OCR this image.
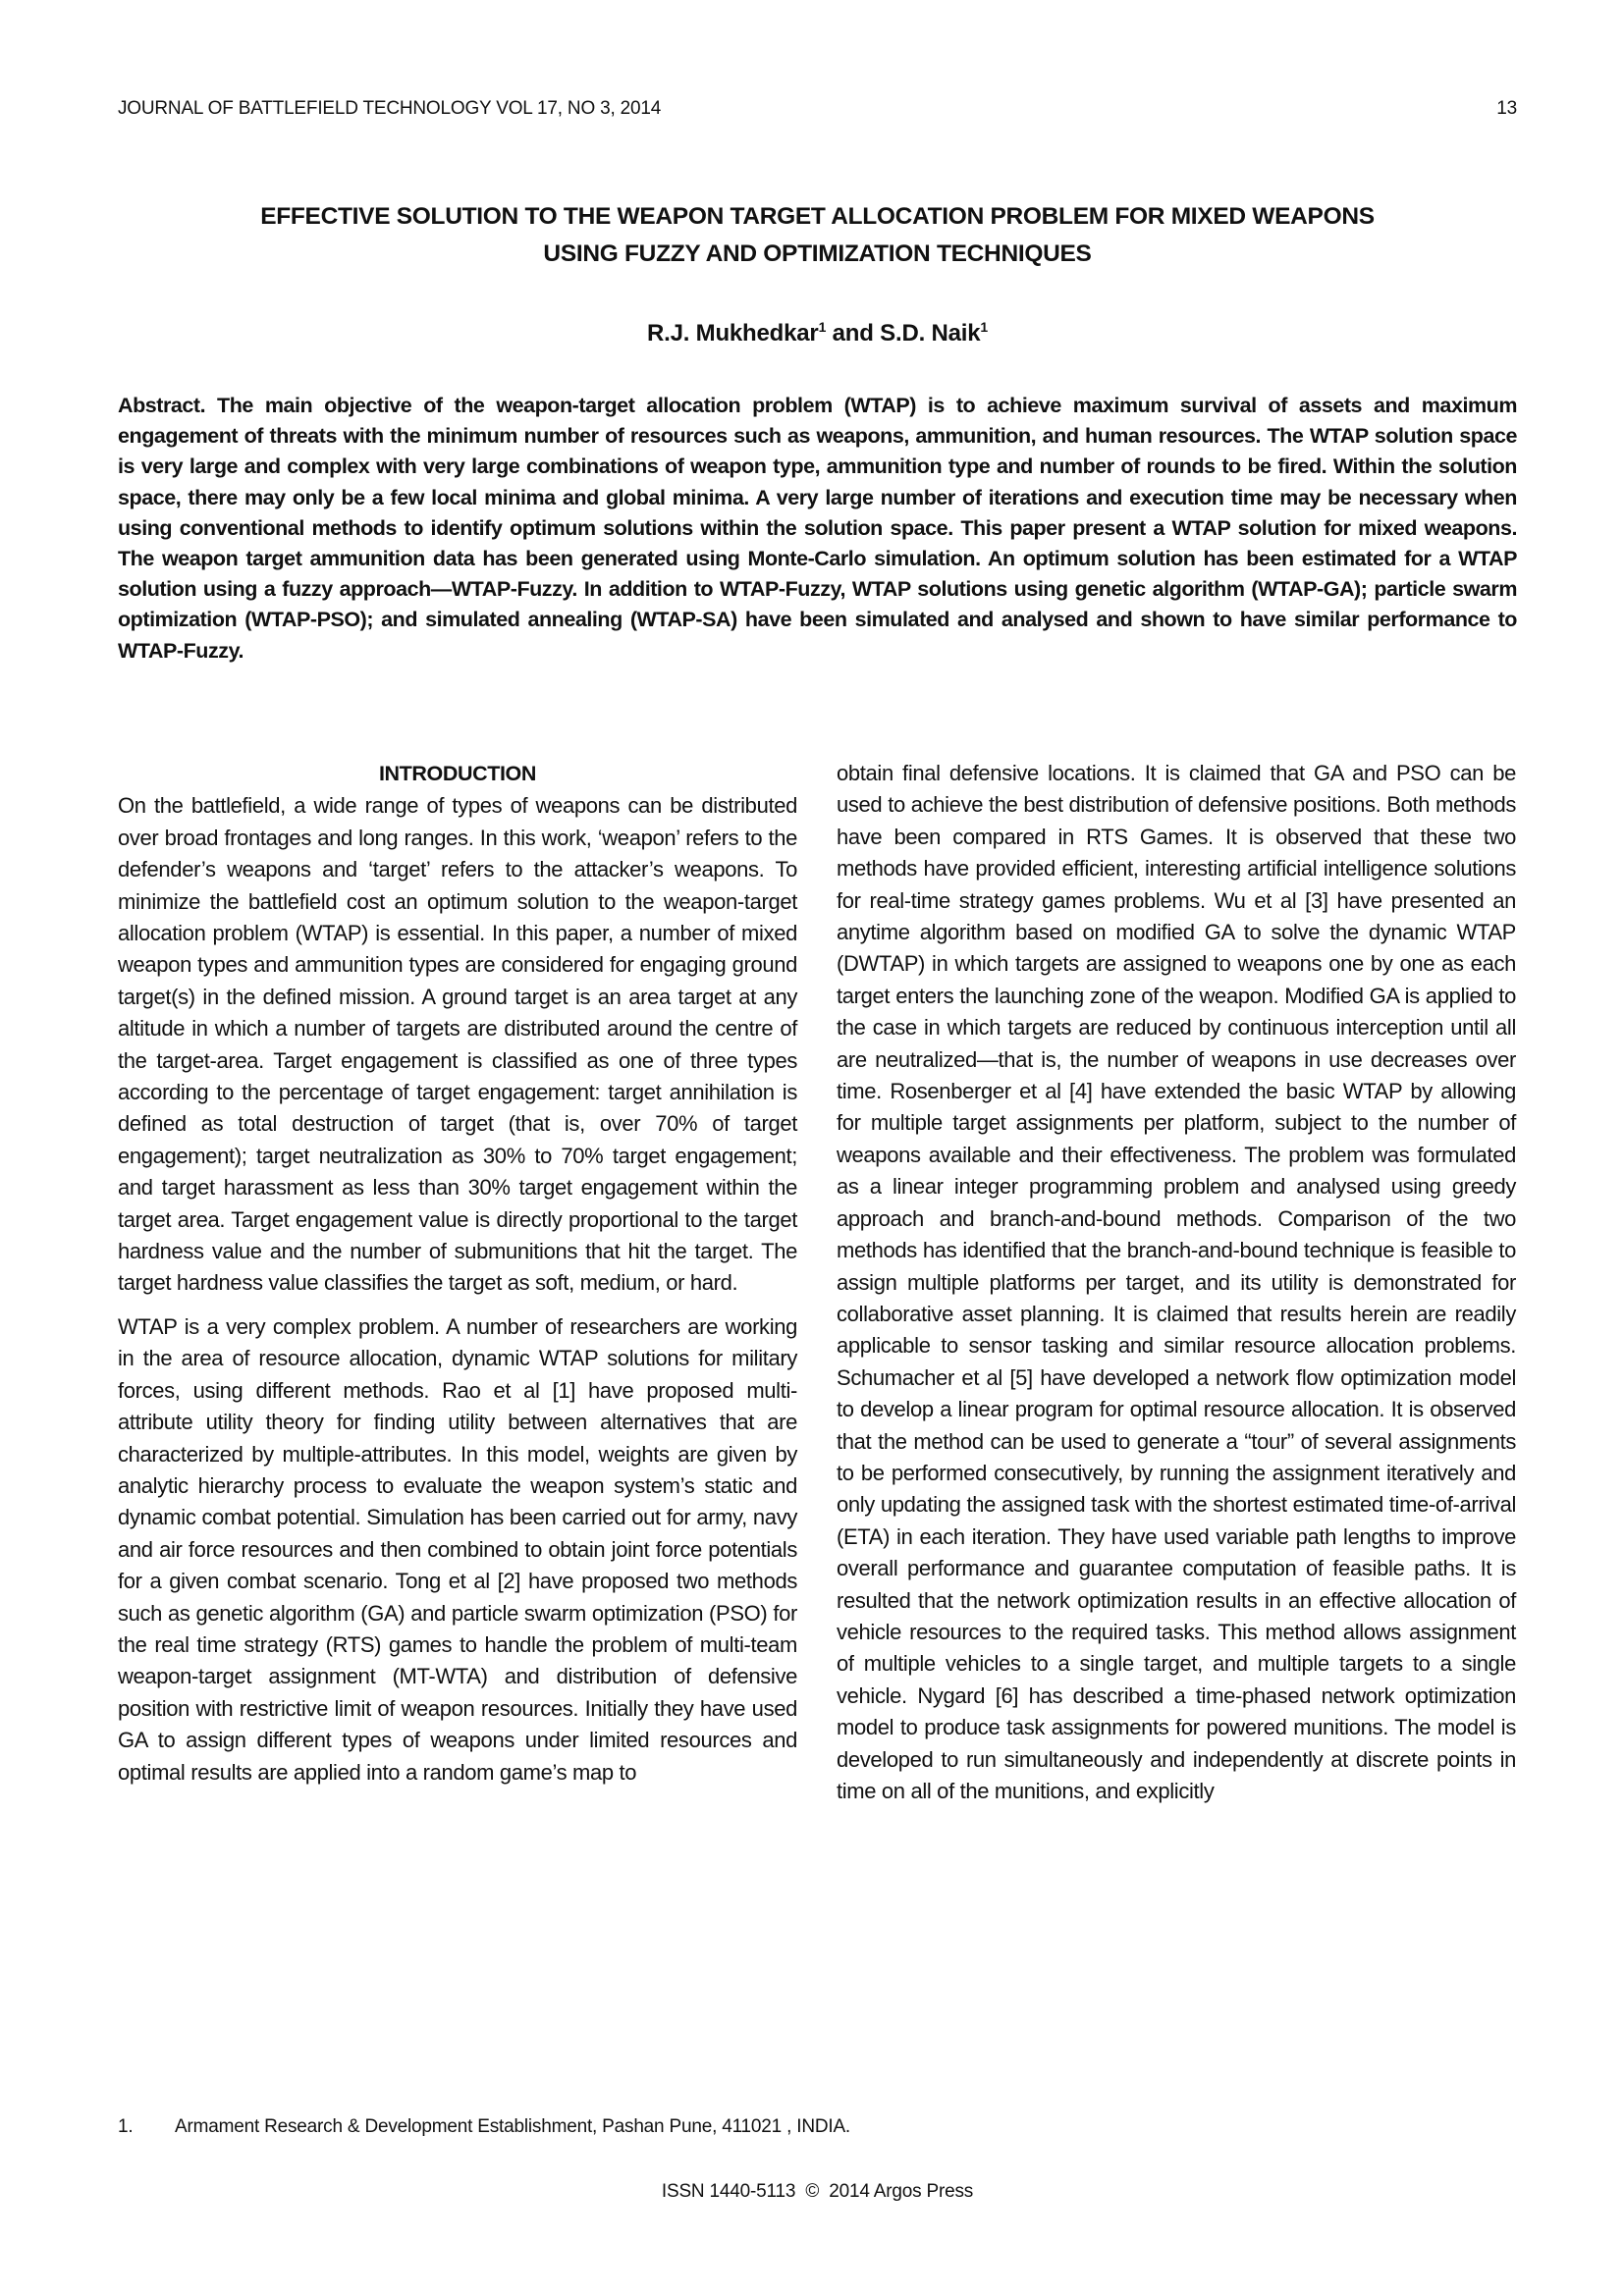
JOURNAL OF BATTLEFIELD TECHNOLOGY VOL 17, NO 3, 2014	13
EFFECTIVE SOLUTION TO THE WEAPON TARGET ALLOCATION PROBLEM FOR MIXED WEAPONS
USING FUZZY AND OPTIMIZATION TECHNIQUES
R.J. Mukhedkar$^1$ and S.D. Naik$^1$
Abstract. The main objective of the weapon-target allocation problem (WTAP) is to achieve maximum survival of assets and maximum engagement of threats with the minimum number of resources such as weapons, ammunition, and human resources. The WTAP solution space is very large and complex with very large combinations of weapon type, ammunition type and number of rounds to be fired. Within the solution space, there may only be a few local minima and global minima. A very large number of iterations and execution time may be necessary when using conventional methods to identify optimum solutions within the solution space. This paper present a WTAP solution for mixed weapons. The weapon target ammunition data has been generated using Monte-Carlo simulation. An optimum solution has been estimated for a WTAP solution using a fuzzy approach—WTAP-Fuzzy. In addition to WTAP-Fuzzy, WTAP solutions using genetic algorithm (WTAP-GA); particle swarm optimization (WTAP-PSO); and simulated annealing (WTAP-SA) have been simulated and analysed and shown to have similar performance to WTAP-Fuzzy.
INTRODUCTION

On the battlefield, a wide range of types of weapons can be distributed over broad frontages and long ranges. In this work, ‘weapon’ refers to the defender’s weapons and ‘target’ refers to the attacker’s weapons. To minimize the battlefield cost an optimum solution to the weapon-target allocation problem (WTAP) is essential. In this paper, a number of mixed weapon types and ammunition types are considered for engaging ground target(s) in the defined mission. A ground target is an area target at any altitude in which a number of targets are distributed around the centre of the target-area. Target engagement is classified as one of three types according to the percentage of target engagement: target annihilation is defined as total destruction of target (that is, over 70% of target engagement); target neutralization as 30% to 70% target engagement; and target harassment as less than 30% target engagement within the target area. Target engagement value is directly proportional to the target hardness value and the number of submunitions that hit the target. The target hardness value classifies the target as soft, medium, or hard.

WTAP is a very complex problem. A number of researchers are working in the area of resource allocation, dynamic WTAP solutions for military forces, using different methods. Rao et al [1] have proposed multi-attribute utility theory for finding utility between alternatives that are characterized by multiple-attributes. In this model, weights are given by analytic hierarchy process to evaluate the weapon system’s static and dynamic combat potential. Simulation has been carried out for army, navy and air force resources and then combined to obtain joint force potentials for a given combat scenario. Tong et al [2] have proposed two methods such as genetic algorithm (GA) and particle swarm optimization (PSO) for the real time strategy (RTS) games to handle the problem of multi-team weapon-target assignment (MT-WTA) and distribution of defensive position with restrictive limit of weapon resources. Initially they have used GA to assign different types of weapons under limited resources and optimal results are applied into a random game’s map to

obtain final defensive locations. It is claimed that GA and PSO can be used to achieve the best distribution of defensive positions. Both methods have been compared in RTS Games. It is observed that these two methods have provided efficient, interesting artificial intelligence solutions for real-time strategy games problems. Wu et al [3] have presented an anytime algorithm based on modified GA to solve the dynamic WTAP (DWTAP) in which targets are assigned to weapons one by one as each target enters the launching zone of the weapon. Modified GA is applied to the case in which targets are reduced by continuous interception until all are neutralized—that is, the number of weapons in use decreases over time. Rosenberger et al [4] have extended the basic WTAP by allowing for multiple target assignments per platform, subject to the number of weapons available and their effectiveness. The problem was formulated as a linear integer programming problem and analysed using greedy approach and branch-and-bound methods. Comparison of the two methods has identified that the branch-and-bound technique is feasible to assign multiple platforms per target, and its utility is demonstrated for collaborative asset planning. It is claimed that results herein are readily applicable to sensor tasking and similar resource allocation problems. Schumacher et al [5] have developed a network flow optimization model to develop a linear program for optimal resource allocation. It is observed that the method can be used to generate a “tour” of several assignments to be performed consecutively, by running the assignment iteratively and only updating the assigned task with the shortest estimated time-of-arrival (ETA) in each iteration. They have used variable path lengths to improve overall performance and guarantee computation of feasible paths. It is resulted that the network optimization results in an effective allocation of vehicle resources to the required tasks. This method allows assignment of multiple vehicles to a single target, and multiple targets to a single vehicle. Nygard [6] has described a time-phased network optimization model to produce task assignments for powered munitions. The model is developed to run simultaneously and independently at discrete points in time on all of the munitions, and explicitly

1. Armament Research & Development Establishment, Pashan Pune, 411021 , INDIA.
ISSN 1440-5113  ©  2014 Argos Press
